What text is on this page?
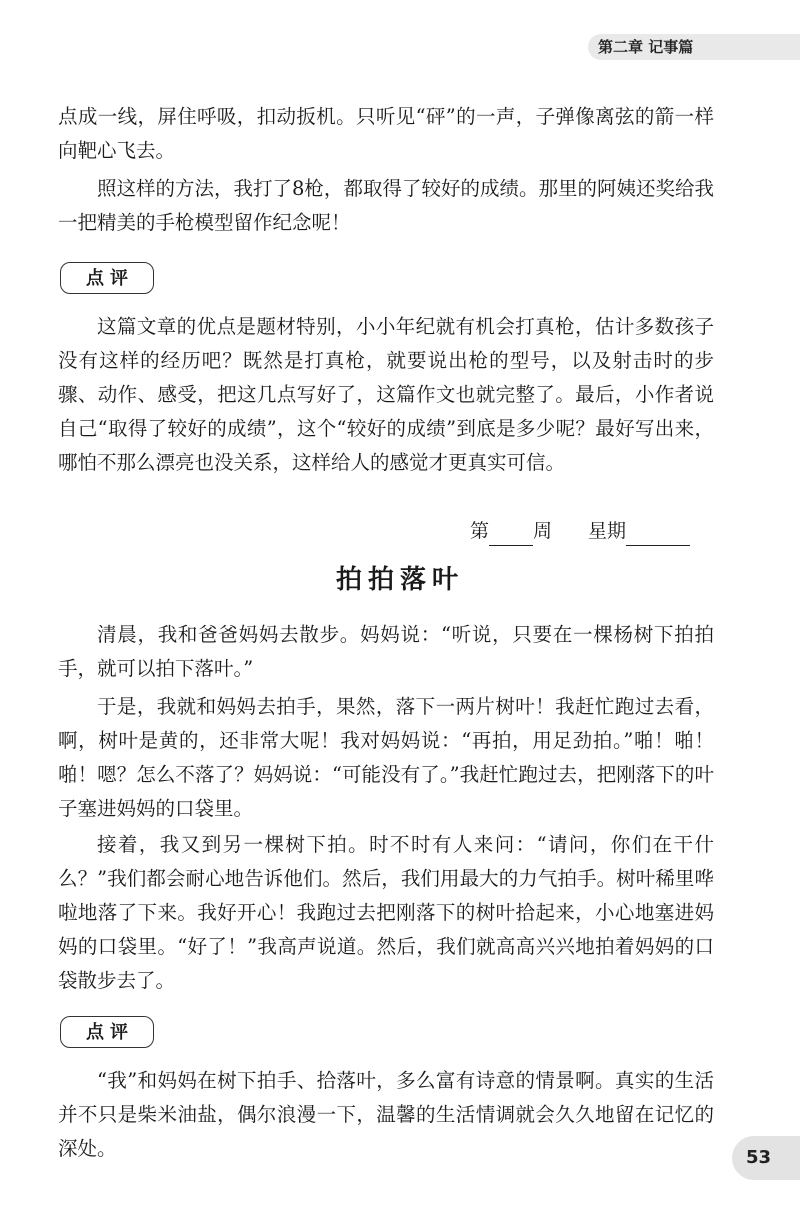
第二章 记事篇

点成一线，屏住呼吸，扣动扳机。只听见“砰”的一声，子弹像离弦的箭一样向靶心飞去。

照这样的方法，我打了8枪，都取得了较好的成绩。那里的阿姨还奖给我一把精美的手枪模型留作纪念呢！

点评

这篇文章的优点是题材特别，小小年纪就有机会打真枪，估计多数孩子没有这样的经历吧？既然是打真枪，就要说出枪的型号，以及射击时的步骤、动作、感受，把这几点写好了，这篇作文也就完整了。最后，小作者说自己“取得了较好的成绩”，这个“较好的成绩”到底是多少呢？最好写出来，哪怕不那么漂亮也没关系，这样给人的感觉才更真实可信。

第 周 星期
拍拍落叶

清晨，我和爸爸妈妈去散步。妈妈说：“听说，只要在一棵杨树下拍拍手，就可以拍下落叶。”

于是，我就和妈妈去拍手，果然，落下一两片树叶！我赶忙跑过去看，啊，树叶是黄的，还非常大呢！我对妈妈说：“再拍，用足劲拍。”啪！啪！啪！嗯？怎么不落了？妈妈说：“可能没有了。”我赶忙跑过去，把刚落下的叶子塞进妈妈的口袋里。

接着，我又到另一棵树下拍。时不时有人来问：“请问，你们在干什么？”我们都会耐心地告诉他们。然后，我们用最大的力气拍手。树叶稀里哗啦地落了下来。我好开心！我跑过去把刚落下的树叶拾起来，小心地塞进妈妈的口袋里。“好了！”我高声说道。然后，我们就高高兴兴地拍着妈妈的口袋散步去了。

点评

“我”和妈妈在树下拍手、拾落叶，多么富有诗意的情景啊。真实的生活并不只是柴米油盐，偶尔浪漫一下，温馨的生活情调就会久久地留在记忆的深处。	53
